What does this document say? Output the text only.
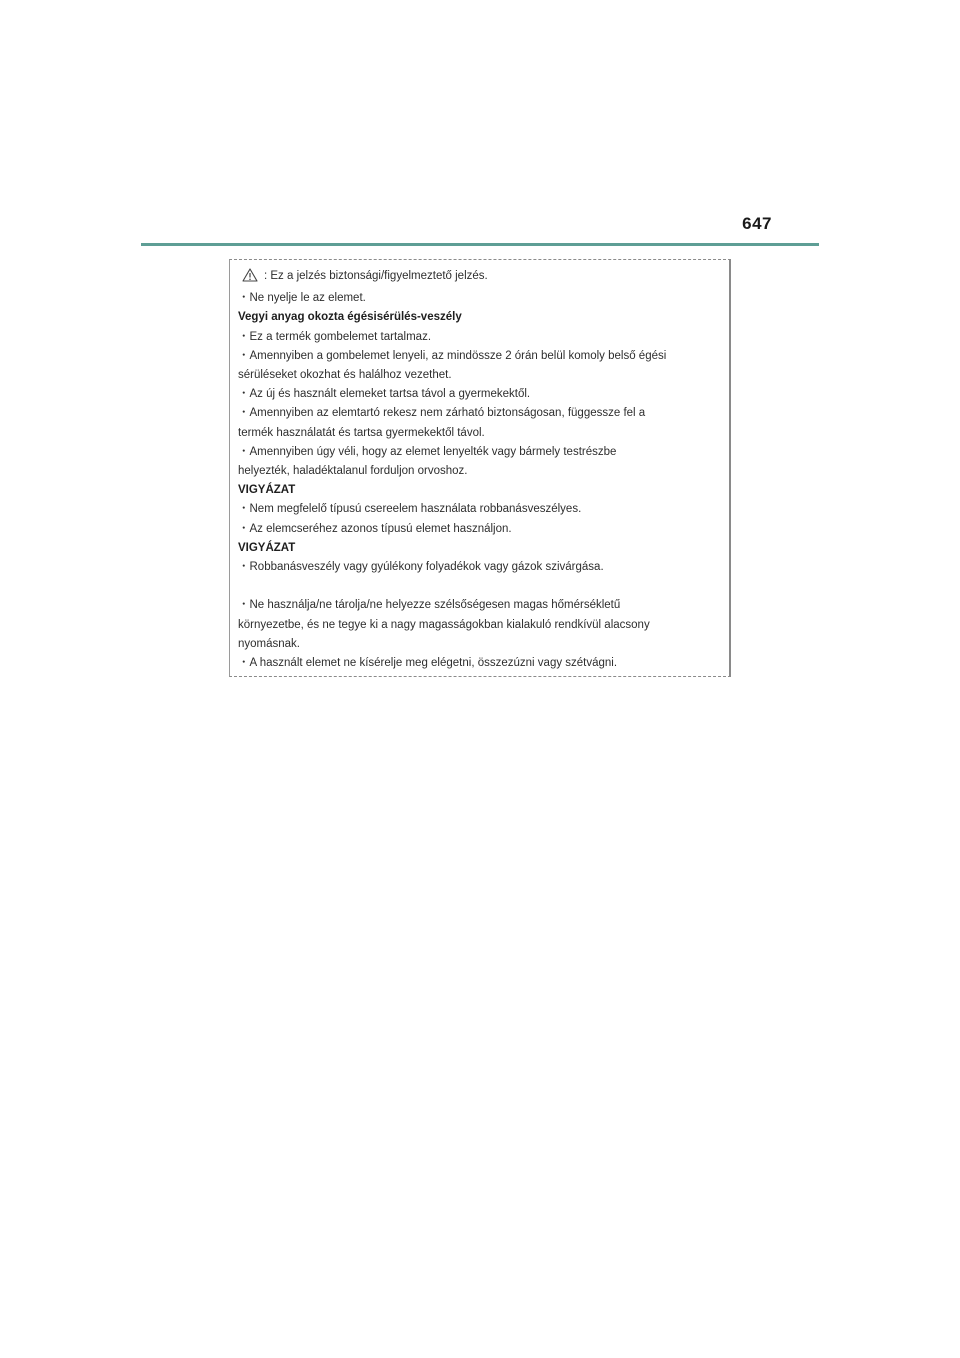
647
: Ez a jelzés biztonsági/figyelmeztető jelzés.
・Ne nyelje le az elemet.
Vegyi anyag okozta égésisérülés-veszély
・Ez a termék gombelemet tartalmaz.
・Amennyiben a gombelemet lenyeli, az mindössze 2 órán belül komoly belső égési
sérüléseket okozhat és halálhoz vezethet.
・Az új és használt elemeket tartsa távol a gyermekektől.
・Amennyiben az elemtartó rekesz nem zárható biztonságosan, függessze fel a
termék használatát és tartsa gyermekektől távol.
・Amennyiben úgy véli, hogy az elemet lenyelték vagy bármely testrészbe
helyezték, haladéktalanul forduljon orvoshoz.
VIGYÁZAT
・Nem megfelelő típusú csereelem használata robbanásveszélyes.
・Az elemcseréhez azonos típusú elemet használjon.
VIGYÁZAT
・Robbanásveszély vagy gyúlékony folyadékok vagy gázok szivárgása.
・Ne használja/ne tárolja/ne helyezze szélsőségesen magas hőmérsékletű
környezetbe, és ne tegye ki a nagy magasságokban kialakuló rendkívül alacsony
nyomásnak.
・A használt elemet ne kísérelje meg elégetni, összezúzni vagy szétvágni.
